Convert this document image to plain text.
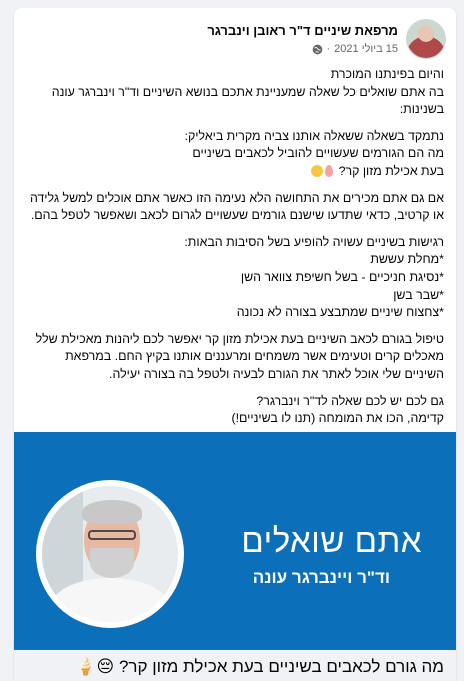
מרפאת שיניים ד"ר ראובן וינברגר
15 ביולי 2021
·

והיום בפינתנו המוכרת
בה אתם שואלים כל שאלה שמעניינת אתכם בנושא השיניים וד"ר וינברגר עונה
בשנינות:

נתמקד בשאלה ששאלה אותנו צביה מקרית ביאליק:
מה הם הגורמים שעשויים להוביל לכאבים בשיניים
בעת אכילת מזון קר?

אם גם אתם מכירים את התחושה הלא נעימה הזו כאשר אתם אוכלים למשל גלידה
או קרטיב, כדאי שתדעו שישנם גורמים שעשויים לגרום לכאב ושאפשר לטפל בהם.

רגישות בשיניים עשויה להופיע בשל הסיבות הבאות:
*מחלת עששת
*נסיגת חניכיים - בשל חשיפת צוואר השן
*שבר בשן
*צחצוח שיניים שמתבצע בצורה לא נכונה

טיפול בגורם לכאב השיניים בעת אכילת מזון קר יאפשר לכם ליהנות מאכילת שלל
מאכלים קרים וטעימים אשר משמחים ומרעננים אותנו בקיץ החם. במרפאת
השיניים שלי אוכל לאתר את הגורם לבעיה ולטפל בה בצורה יעילה.

גם לכם יש לכם שאלה לד"ר וינברגר?
קדימה, הכו את המומחה (תנו לו בשיניים!)

אתם שואלים
וד"ר ויינברגר עונה
מה גורם לכאבים בשיניים בעת אכילת מזון קר? 😔🍦
